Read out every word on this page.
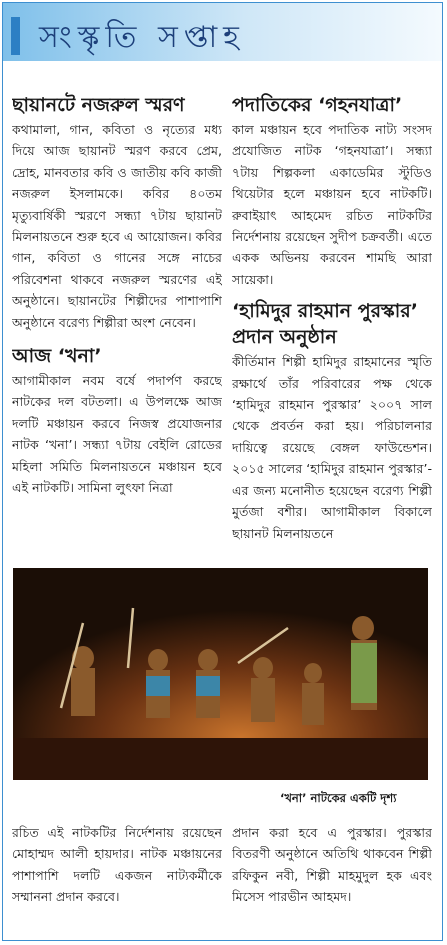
সংস্কৃতি সপ্তাহ
ছায়ানটে নজরুল স্মরণ

কথামালা, গান, কবিতা ও নৃত্যের মধ্য দিয়ে আজ ছায়ানট স্মরণ করবে প্রেম, দ্রোহ, মানবতার কবি ও জাতীয় কবি কাজী নজরুল ইসলামকে। কবির ৪০তম মৃত্যুবার্ষিকী স্মরণে সন্ধ্যা ৭টায় ছায়ানট মিলনায়তনে শুরু হবে এ আয়োজন। কবির গান, কবিতা ও গানের সঙ্গে নাচের পরিবেশনা থাকবে নজরুল স্মরণের এই অনুষ্ঠানে। ছায়ানটের শিল্পীদের পাশাপাশি অনুষ্ঠানে বরেণ্য শিল্পীরা অংশ নেবেন।

আজ ‘খনা’

আগামীকাল নবম বর্ষে পদার্পণ করছে নাটকের দল বটতলা। এ উপলক্ষে আজ দলটি মঞ্চায়ন করবে নিজস্ব প্রযোজনার নাটক ‘খনা’। সন্ধ্যা ৭টায় বেইলি রোডের মহিলা সমিতি মিলনায়তনে মঞ্চায়ন হবে এই নাটকটি। সামিনা লুৎফা নিত্রা

পদাতিকের ‘গহনযাত্রা’

কাল মঞ্চায়ন হবে পদাতিক নাট্য সংসদ প্রযোজিত নাটক ‘গহনযাত্রা’। সন্ধ্যা ৭টায় শিল্পকলা একাডেমির স্টুডিও থিয়েটার হলে মঞ্চায়ন হবে নাটকটি। রুবাইয়াৎ আহমেদ রচিত নাটকটির নির্দেশনায় রয়েছেন সুদীপ চক্রবর্তী। এতে একক অভিনয় করবেন শামছি আরা সায়েকা।

‘হামিদুর রাহমান পুরস্কার’ প্রদান অনুষ্ঠান

কীর্তিমান শিল্পী হামিদুর রাহমানের স্মৃতি রক্ষার্থে তাঁর পরিবারের পক্ষ থেকে ‘হামিদুর রাহমান পুরস্কার’ ২০০৭ সাল থেকে প্রবর্তন করা হয়। পরিচালনার দায়িত্বে রয়েছে বেঙ্গল ফাউন্ডেশন। ২০১৫ সালের ‘হামিদুর রাহমান পুরস্কার’-এর জন্য মনোনীত হয়েছেন বরেণ্য শিল্পী মুর্তজা বশীর। আগামীকাল বিকালে ছায়ানট মিলনায়তনে

‘খনা’ নাটকের একটি দৃশ্য

রচিত এই নাটকটির নির্দেশনায় রয়েছেন মোহাম্মদ আলী হায়দার। নাটক মঞ্চায়নের পাশাপাশি দলটি একজন নাট্যকর্মীকে সম্মাননা প্রদান করবে।

প্রদান করা হবে এ পুরস্কার। পুরস্কার বিতরণী অনুষ্ঠানে অতিথি থাকবেন শিল্পী রফিকুন নবী, শিল্পী মাহমুদুল হক এবং মিসেস পারভীন আহমদ।
